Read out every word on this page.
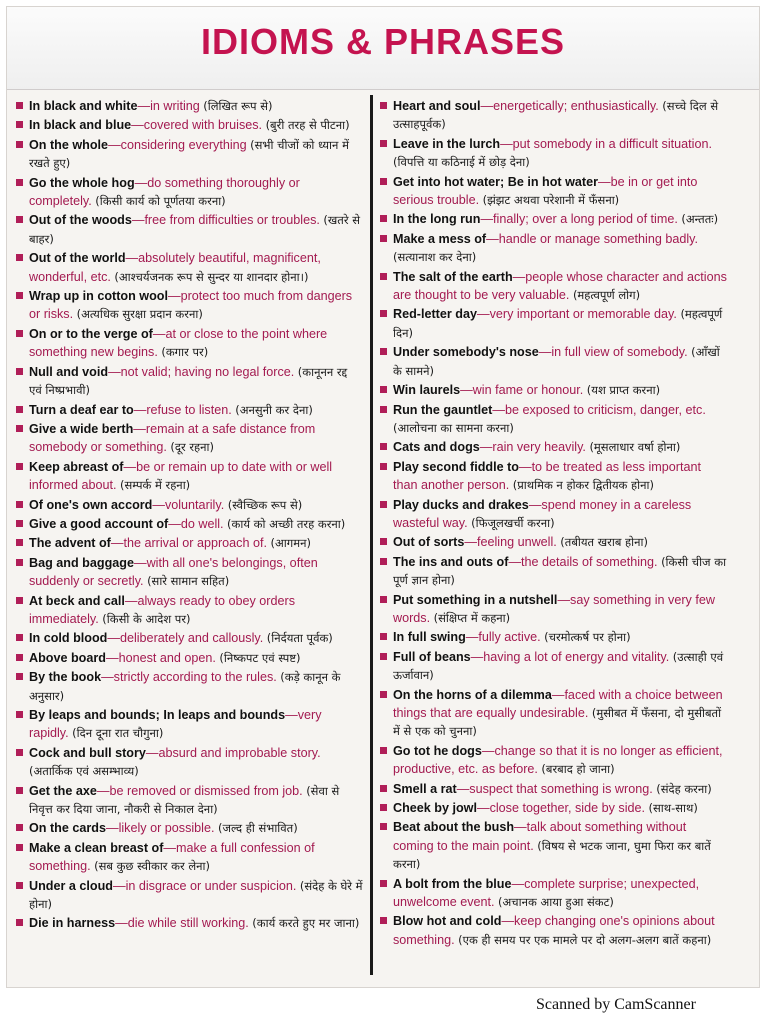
IDIOMS & PHRASES
In black and white—in writing (लिखित रूप से)
In black and blue—covered with bruises. (बुरी तरह से पीटना)
On the whole—considering everything (सभी चीजों को ध्यान में रखते हुए)
Go the whole hog—do something thoroughly or completely. (किसी कार्य को पूर्णतया करना)
Out of the woods—free from difficulties or troubles. (खतरे से बाहर)
Out of the world—absolutely beautiful, magnificent, wonderful, etc. (आश्चर्यजनक रूप से सुन्दर या शानदार होना।)
Wrap up in cotton wool—protect too much from dangers or risks. (अत्यधिक सुरक्षा प्रदान करना)
On or to the verge of—at or close to the point where something new begins. (कगार पर)
Null and void—not valid; having no legal force. (कानूनन रद्द एवं निष्प्रभावी)
Turn a deaf ear to—refuse to listen. (अनसुनी कर देना)
Give a wide berth—remain at a safe distance from somebody or something. (दूर रहना)
Keep abreast of—be or remain up to date with or well informed about. (सम्पर्क में रहना)
Of one's own accord—voluntarily. (स्वैच्छिक रूप से)
Give a good account of—do well. (कार्य को अच्छी तरह करना)
The advent of—the arrival or approach of. (आगमन)
Bag and baggage—with all one's belongings, often suddenly or secretly. (सारे सामान सहित)
At beck and call—always ready to obey orders immediately. (किसी के आदेश पर)
In cold blood—deliberately and callously. (निर्दयता पूर्वक)
Above board—honest and open. (निष्कपट एवं स्पष्ट)
By the book—strictly according to the rules. (कड़े कानून के अनुसार)
By leaps and bounds; In leaps and bounds—very rapidly. (दिन दूना रात चौगुना)
Cock and bull story—absurd and improbable story. (अतार्किक एवं असम्भाव्य)
Get the axe—be removed or dismissed from job. (सेवा से निवृत्त कर दिया जाना, नौकरी से निकाल देना)
On the cards—likely or possible. (जल्द ही संभावित)
Make a clean breast of—make a full confession of something. (सब कुछ स्वीकार कर लेना)
Under a cloud—in disgrace or under suspicion. (संदेह के घेरे में होना)
Die in harness—die while still working. (कार्य करते हुए मर जाना)
Heart and soul—energetically; enthusiastically. (सच्चे दिल से उत्साहपूर्वक)
Leave in the lurch—put somebody in a difficult situation. (विपत्ति या कठिनाई में छोड़ देना)
Get into hot water; Be in hot water—be in or get into serious trouble. (झंझट अथवा परेशानी में फँसना)
In the long run—finally; over a long period of time. (अन्ततः)
Make a mess of—handle or manage something badly. (सत्यानाश कर देना)
The salt of the earth—people whose character and actions are thought to be very valuable. (महत्वपूर्ण लोग)
Red-letter day—very important or memorable day. (महत्वपूर्ण दिन)
Under somebody's nose—in full view of somebody. (आँखों के सामने)
Win laurels—win fame or honour. (यश प्राप्त करना)
Run the gauntlet—be exposed to criticism, danger, etc. (आलोचना का सामना करना)
Cats and dogs—rain very heavily. (मूसलाधार वर्षा होना)
Play second fiddle to—to be treated as less important than another person. (प्राथमिक न होकर द्वितीयक होना)
Play ducks and drakes—spend money in a careless wasteful way. (फिजूलखर्ची करना)
Out of sorts—feeling unwell. (तबीयत खराब होना)
The ins and outs of—the details of something. (किसी चीज का पूर्ण ज्ञान होना)
Put something in a nutshell—say something in very few words. (संक्षिप्त में कहना)
In full swing—fully active. (चरमोत्कर्ष पर होना)
Full of beans—having a lot of energy and vitality. (उत्साही एवं ऊर्जावान)
On the horns of a dilemma—faced with a choice between things that are equally undesirable. (मुसीबत में फँसना, दो मुसीबतों में से एक को चुनना)
Go tot he dogs—change so that it is no longer as efficient, productive, etc. as before. (बरबाद हो जाना)
Smell a rat—suspect that something is wrong. (संदेह करना)
Cheek by jowl—close together, side by side. (साथ-साथ)
Beat about the bush—talk about something without coming to the main point. (विषय से भटक जाना, घुमा फिरा कर बातें करना)
A bolt from the blue—complete surprise; unexpected, unwelcome event. (अचानक आया हुआ संकट)
Blow hot and cold—keep changing one's opinions about something. (एक ही समय पर एक मामले पर दो अलग-अलग बातें कहना)
Scanned by CamScanner
